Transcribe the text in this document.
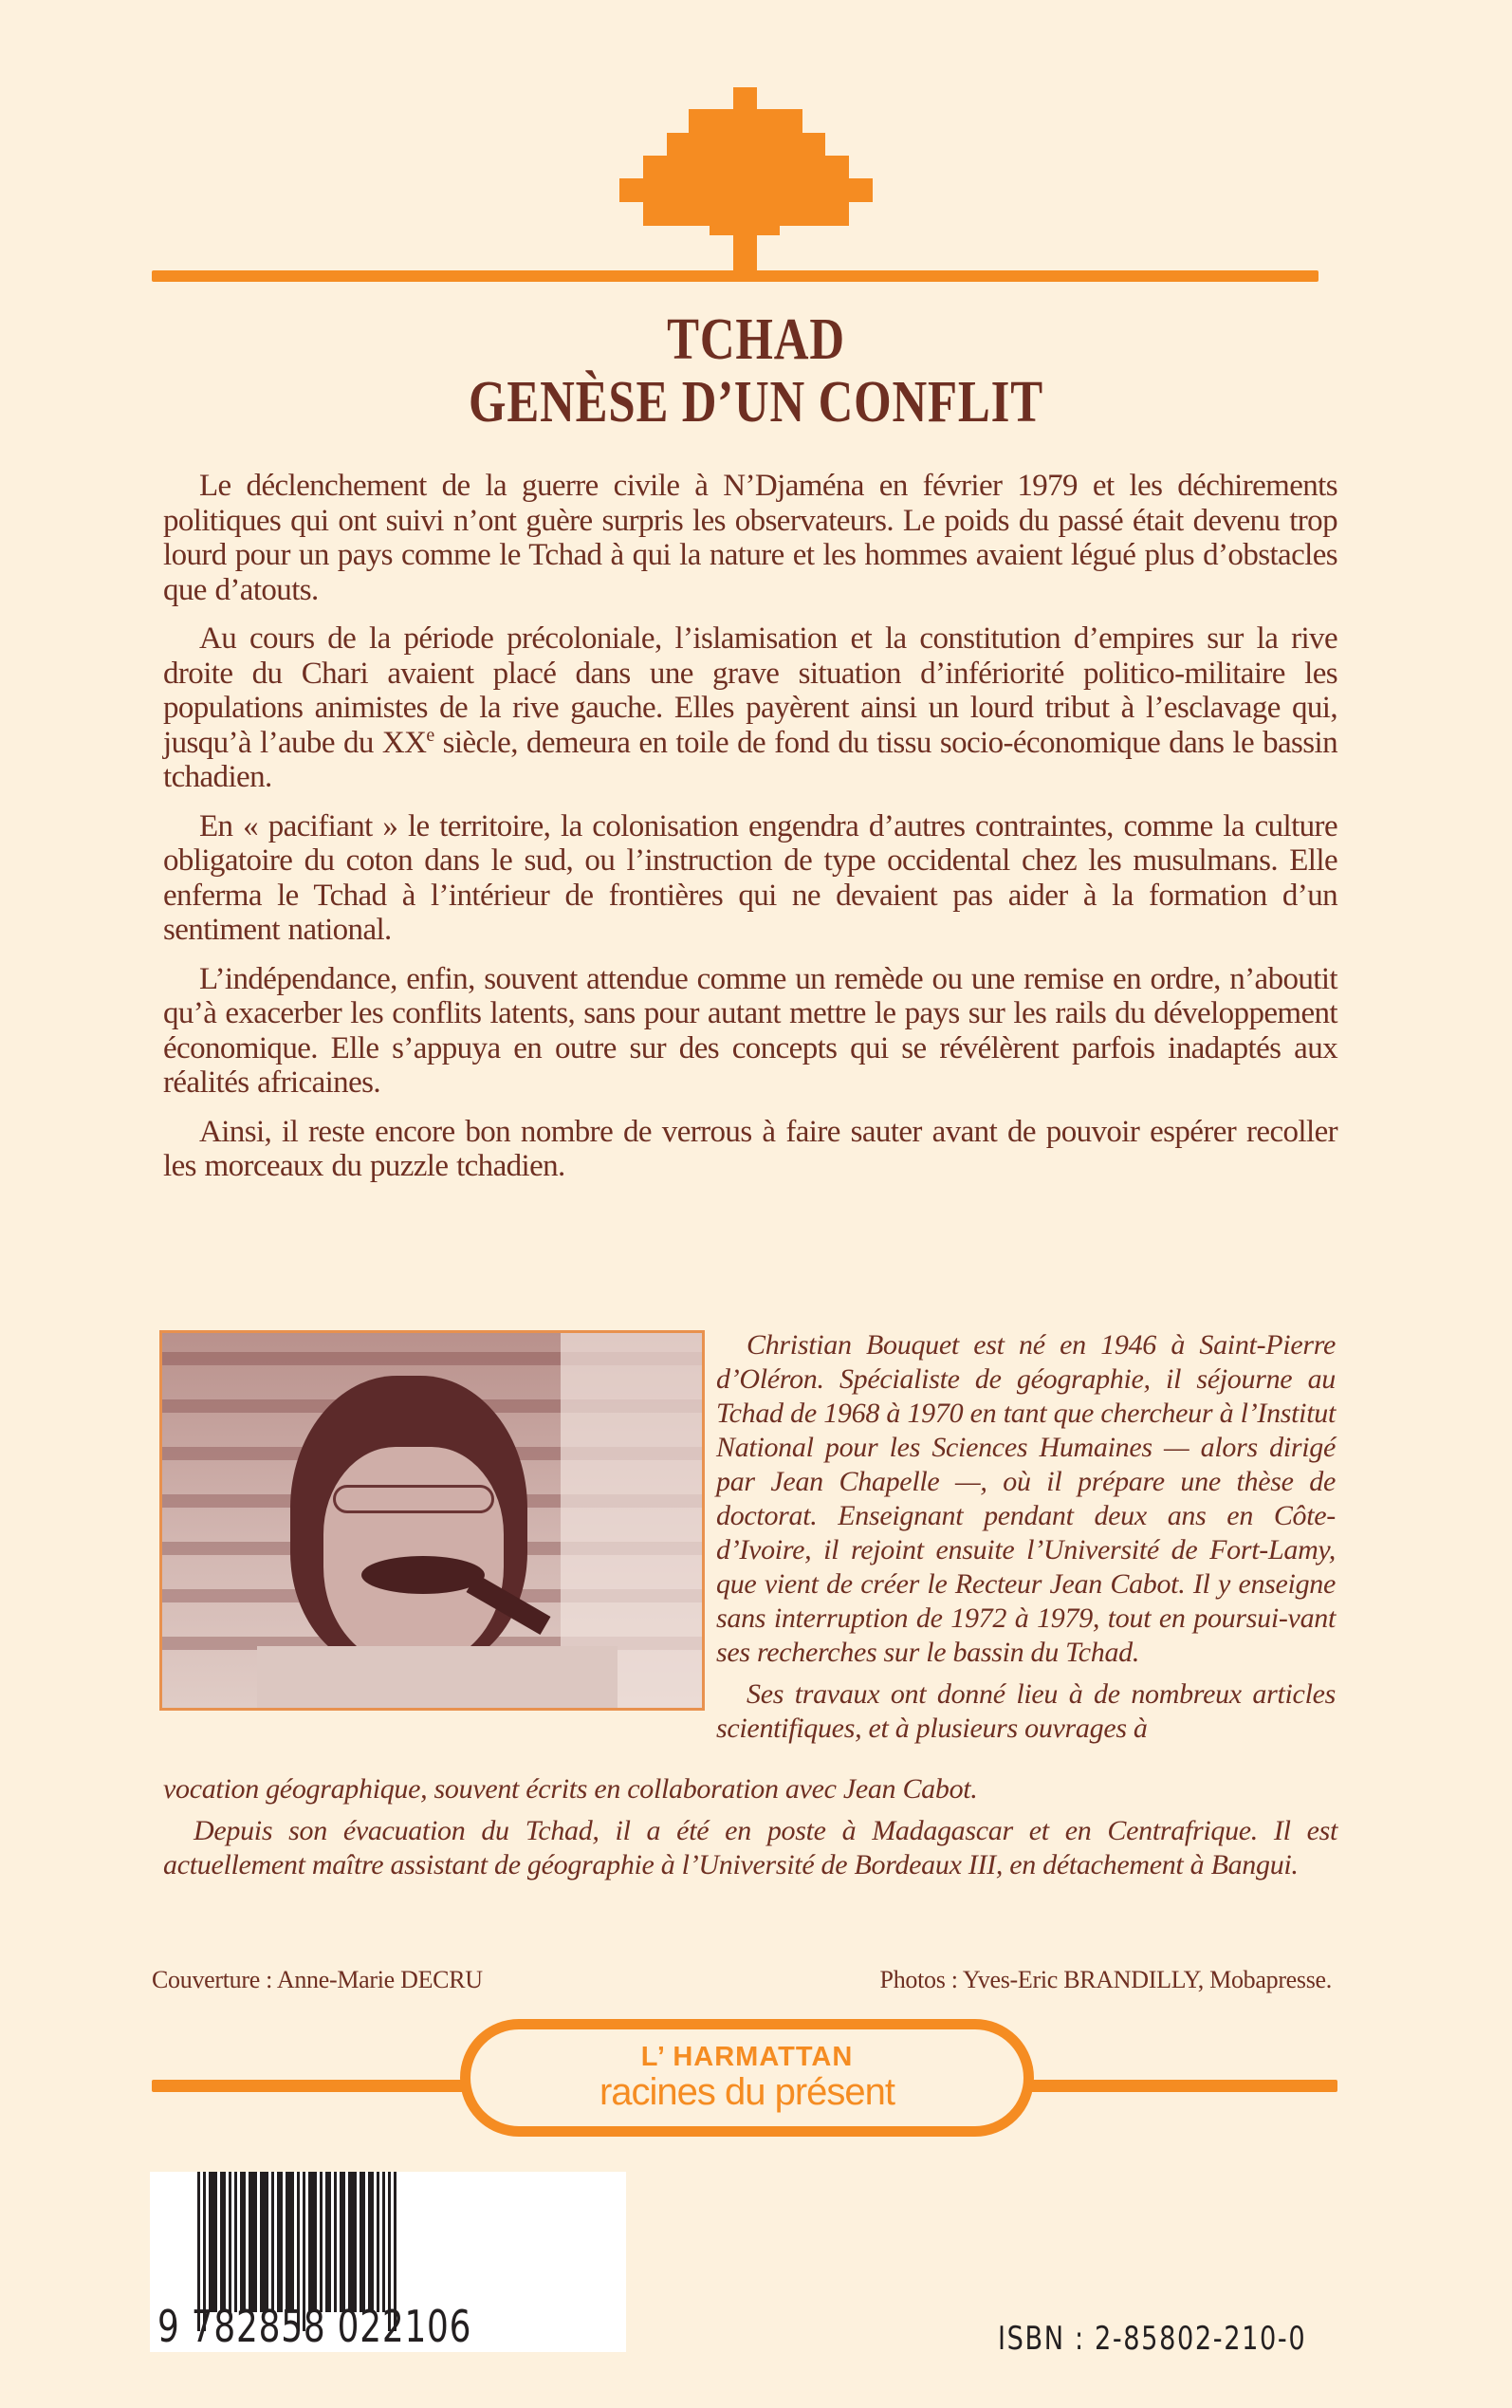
TCHAD
GENÈSE D’UN CONFLIT

Le déclenchement de la guerre civile à N’Djaména en février 1979 et les déchirements politiques qui ont suivi n’ont guère surpris les observateurs. Le poids du passé était devenu trop lourd pour un pays comme le Tchad à qui la nature et les hommes avaient légué plus d’obstacles que d’atouts.

Au cours de la période précoloniale, l’islamisation et la constitution d’empires sur la rive droite du Chari avaient placé dans une grave situation d’infériorité politico-militaire les populations animistes de la rive gauche. Elles payèrent ainsi un lourd tribut à l’esclavage qui, jusqu’à l’aube du XXe siècle, demeura en toile de fond du tissu socio-économique dans le bassin tchadien.

En « pacifiant » le territoire, la colonisation engendra d’autres contraintes, comme la culture obligatoire du coton dans le sud, ou l’instruction de type occidental chez les musulmans. Elle enferma le Tchad à l’intérieur de frontières qui ne devaient pas aider à la formation d’un sentiment national.

L’indépendance, enfin, souvent attendue comme un remède ou une remise en ordre, n’aboutit qu’à exacerber les conflits latents, sans pour autant mettre le pays sur les rails du développement économique. Elle s’appuya en outre sur des concepts qui se révélèrent parfois inadaptés aux réalités africaines.

Ainsi, il reste encore bon nombre de verrous à faire sauter avant de pouvoir espérer recoller les morceaux du puzzle tchadien.

Christian Bouquet est né en 1946 à Saint-Pierre d’Oléron. Spécialiste de géographie, il séjourne au Tchad de 1968 à 1970 en tant que chercheur à l’Institut National pour les Sciences Humaines — alors dirigé par Jean Chapelle —, où il prépare une thèse de doctorat. Enseignant pendant deux ans en Côte-d’Ivoire, il rejoint ensuite l’Université de Fort-Lamy, que vient de créer le Recteur Jean Cabot. Il y enseigne sans interruption de 1972 à 1979, tout en poursui-vant ses recherches sur le bassin du Tchad.

Ses travaux ont donné lieu à de nombreux articles scientifiques, et à plusieurs ouvrages à

vocation géographique, souvent écrits en collaboration avec Jean Cabot.

Depuis son évacuation du Tchad, il a été en poste à Madagascar et en Centrafrique. Il est actuellement maître assistant de géographie à l’Université de Bordeaux III, en détachement à Bangui.

Couverture : Anne-Marie DECRU	Photos : Yves-Eric BRANDILLY, Mobapresse.
L’ HARMATTAN
racines du présent
9 782858 022106	ISBN : 2-85802-210-0
